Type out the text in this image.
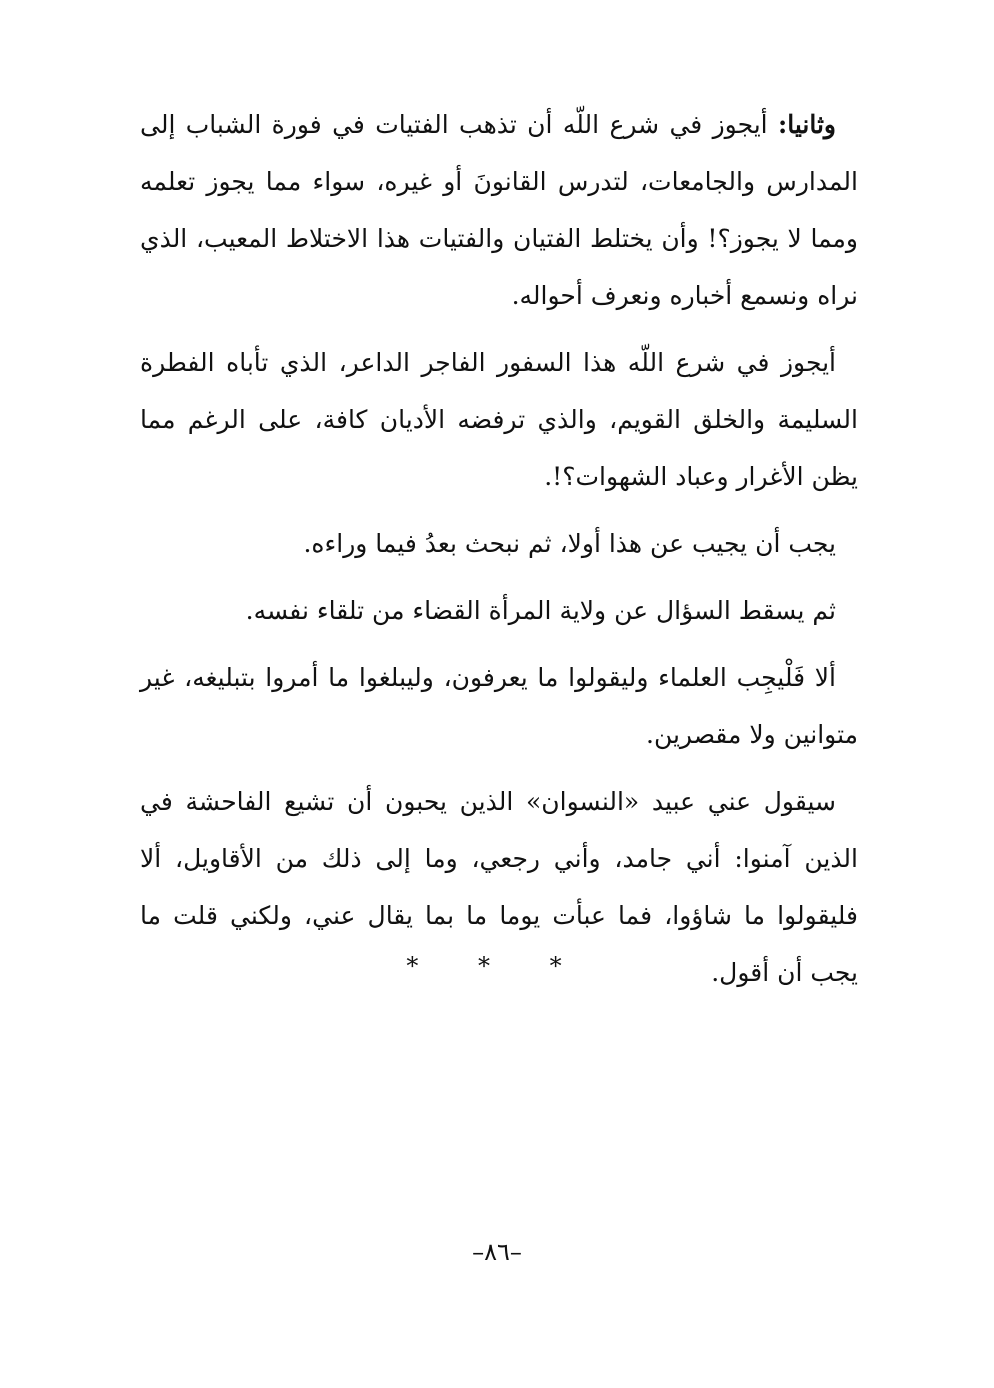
وثانيا: أيجوز في شرع اللّه أن تذهب الفتيات في فورة الشباب إلى المدارس والجامعات، لتدرس القانونَ أو غيره، سواء مما يجوز تعلمه ومما لا يجوز؟! وأن يختلط الفتيان والفتيات هذا الاختلاط المعيب، الذي نراه ونسمع أخباره ونعرف أحواله.

أيجوز في شرع اللّه هذا السفور الفاجر الداعر، الذي تأباه الفطرة السليمة والخلق القويم، والذي ترفضه الأديان كافة، على الرغم مما يظن الأغرار وعباد الشهوات؟!.

يجب أن يجيب عن هذا أولا، ثم نبحث بعدُ فيما وراءه.

ثم يسقط السؤال عن ولاية المرأة القضاء من تلقاء نفسه.

ألا فَلْيجِب العلماء وليقولوا ما يعرفون، وليبلغوا ما أمروا بتبليغه، غير متوانين ولا مقصرين.

سيقول عني عبيد «النسوان» الذين يحبون أن تشيع الفاحشة في الذين آمنوا: أني جامد، وأني رجعي، وما إلى ذلك من الأقاويل، ألا فليقولوا ما شاؤوا، فما عبأت يوما ما بما يقال عني، ولكني قلت ما يجب أن أقول.

* * *
–٨٦–
